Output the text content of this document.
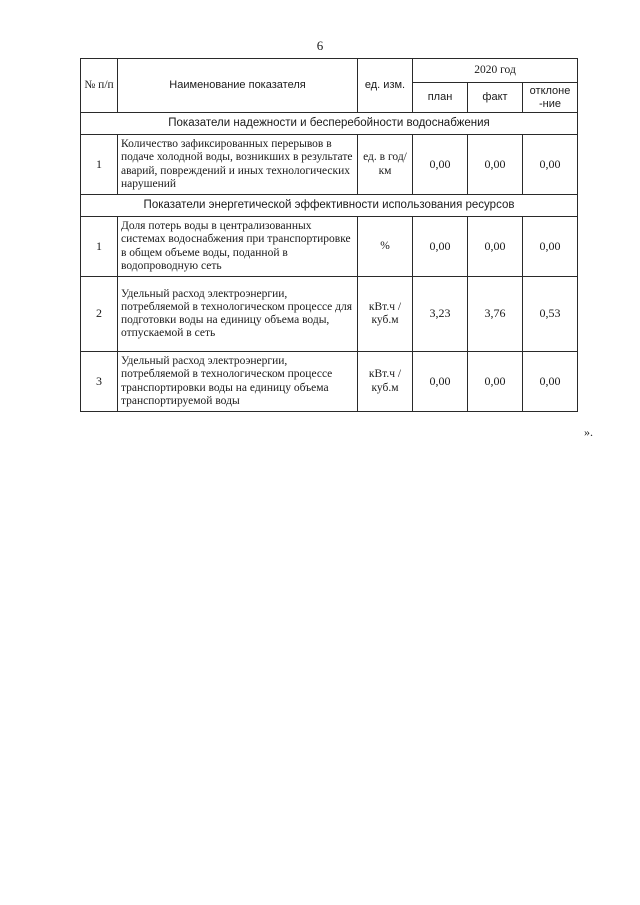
6
№ п/п	Наименование показателя	ед. изм.	2020 год		
			план	факт	отклоне -ние
Показатели надежности и бесперебойности водоснабжения					
1	Количество зафиксированных перерывов в подаче холодной воды, возникших в результате аварий, повреждений и иных технологических нарушений	ед. в год/ км	0,00	0,00	0,00
Показатели энергетической эффективности использования ресурсов					
1	Доля потерь воды в централизованных системах водоснабжения при транспортировке в общем объеме воды, поданной в водопроводную сеть	%	0,00	0,00	0,00
2	Удельный расход электроэнергии, потребляемой в технологическом процессе для подготовки воды на единицу объема воды, отпускаемой в сеть	кВт.ч / куб.м	3,23	3,76	0,53
3	Удельный расход электроэнергии, потребляемой в технологическом процессе транспортировки воды на единицу объема транспортируемой воды	кВт.ч / куб.м	0,00	0,00	0,00
».
